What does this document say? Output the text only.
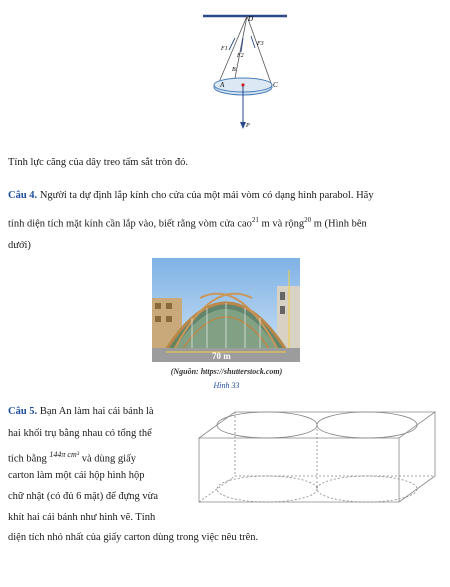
D
F1
F2
F3
B
A	C
P
Tính lực căng của dây treo tấm sắt tròn đó.
Câu 4. Người ta dự định lắp kính cho cửa của một mái vòm có dạng hình parabol. Hãy
tính diện tích mặt kính cần lắp vào, biết rằng vòm cửa cao$^{21}$ m và rộng$^{20}$ m (Hình bên
dưới)
70 m
(Nguồn: https://shutterstock.com)
Hình 33
Câu 5. Bạn An làm hai cái bánh là
hai khối trụ bằng nhau có tổng thể
tích bằng $^{144\pi cm^3}$ và dùng giấy
carton làm một cái hộp hình hộp
chữ nhật (có đủ 6 mặt) để đựng vừa
khít hai cái bánh như hình vẽ. Tính
diện tích nhỏ nhất của giấy carton dùng trong việc nêu trên.
